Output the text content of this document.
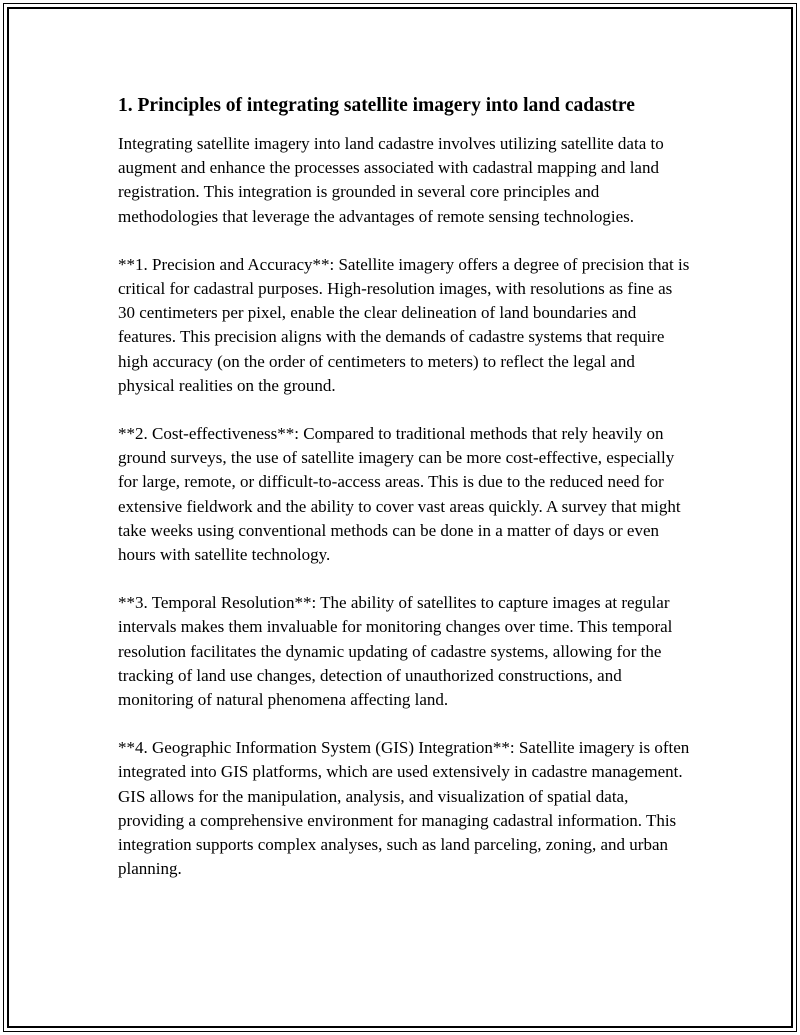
1. Principles of integrating satellite imagery into land cadastre

Integrating satellite imagery into land cadastre involves utilizing satellite data to augment and enhance the processes associated with cadastral mapping and land registration. This integration is grounded in several core principles and methodologies that leverage the advantages of remote sensing technologies.

**1. Precision and Accuracy**: Satellite imagery offers a degree of precision that is critical for cadastral purposes. High-resolution images, with resolutions as fine as 30 centimeters per pixel, enable the clear delineation of land boundaries and features. This precision aligns with the demands of cadastre systems that require high accuracy (on the order of centimeters to meters) to reflect the legal and physical realities on the ground.

**2. Cost-effectiveness**: Compared to traditional methods that rely heavily on ground surveys, the use of satellite imagery can be more cost-effective, especially for large, remote, or difficult-to-access areas. This is due to the reduced need for extensive fieldwork and the ability to cover vast areas quickly. A survey that might take weeks using conventional methods can be done in a matter of days or even hours with satellite technology.

**3. Temporal Resolution**: The ability of satellites to capture images at regular intervals makes them invaluable for monitoring changes over time. This temporal resolution facilitates the dynamic updating of cadastre systems, allowing for the tracking of land use changes, detection of unauthorized constructions, and monitoring of natural phenomena affecting land.

**4. Geographic Information System (GIS) Integration**: Satellite imagery is often integrated into GIS platforms, which are used extensively in cadastre management. GIS allows for the manipulation, analysis, and visualization of spatial data, providing a comprehensive environment for managing cadastral information. This integration supports complex analyses, such as land parceling, zoning, and urban planning.
